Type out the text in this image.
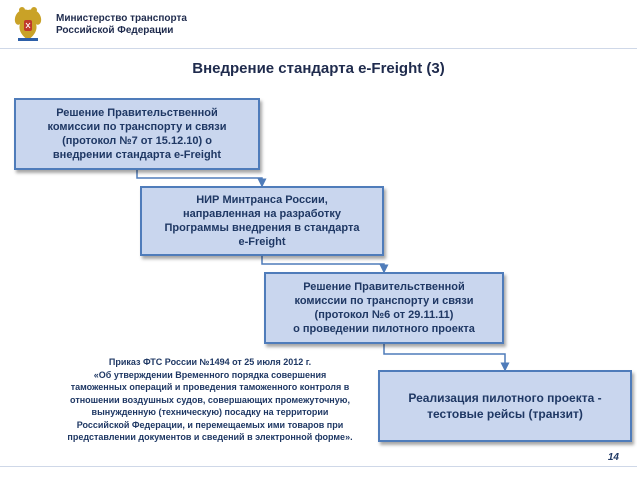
Министерство транспорта
Российской Федерации
Внедрение стандарта e-Freight (3)
Решение Правительственной
комиссии по транспорту и связи
(протокол №7 от 15.12.10) о
внедрении стандарта e-Freight
НИР Минтранса России,
направленная на разработку
Программы внедрения в стандарта
e-Freight
Решение Правительственной
комиссии по транспорту и связи
(протокол №6 от 29.11.11)
о проведении пилотного проекта
Реализация пилотного проекта -
тестовые рейсы (транзит)
Приказ ФТС России №1494 от 25 июля 2012 г.
«Об утверждении Временного порядка совершения
таможенных операций и проведения таможенного контроля в
отношении воздушных судов, совершающих промежуточную,
вынужденную (техническую) посадку на территории
Российской Федерации, и перемещаемых ими товаров при
представлении документов и сведений в электронной форме».
14
